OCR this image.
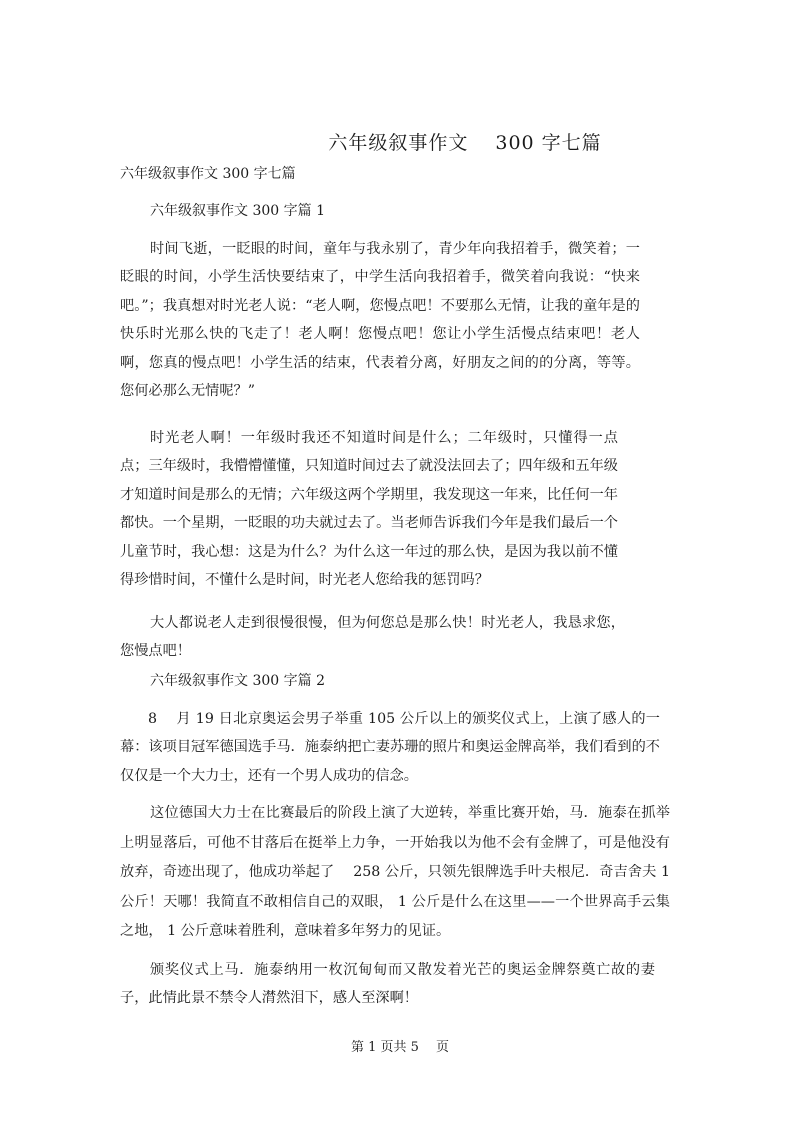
六年级叙事作文　 300 字七篇
六年级叙事作文 300 字七篇
六年级叙事作文 300 字篇 1

时间飞逝，一眨眼的时间，童年与我永别了，青少年向我招着手，微笑着；一眨眼的时间，小学生活快要结束了，中学生活向我招着手，微笑着向我说：“快来吧。”；我真想对时光老人说：“老人啊，您慢点吧！不要那么无情，让我的童年是的快乐时光那么快的飞走了！老人啊！您慢点吧！您让小学生活慢点结束吧！老人啊，您真的慢点吧！小学生活的结束，代表着分离，好朋友之间的的分离，等等。您何必那么无情呢？”

时光老人啊！一年级时我还不知道时间是什么；二年级时，只懂得一点点；三年级时，我懵懵懂懂，只知道时间过去了就没法回去了；四年级和五年级才知道时间是那么的无情；六年级这两个学期里，我发现这一年来，比任何一年都快。一个星期，一眨眼的功夫就过去了。当老师告诉我们今年是我们最后一个儿童节时，我心想：这是为什么？为什么这一年过的那么快，是因为我以前不懂得珍惜时间，不懂什么是时间，时光老人您给我的惩罚吗？

大人都说老人走到很慢很慢，但为何您总是那么快！时光老人，我恳求您，您慢点吧！

六年级叙事作文 300 字篇 2

8　 月 19 日北京奥运会男子举重 105 公斤以上的颁奖仪式上，上演了感人的一幕：该项目冠军德国选手马．施泰纳把亡妻苏珊的照片和奥运金牌高举，我们看到的不仅仅是一个大力士，还有一个男人成功的信念。

这位德国大力士在比赛最后的阶段上演了大逆转，举重比赛开始，马．施泰在抓举上明显落后，可他不甘落后在挺举上力争，一开始我以为他不会有金牌了，可是他没有放弃，奇迹出现了，他成功举起了　 258 公斤，只领先银牌选手叶夫根尼．奇吉舍夫 1 公斤！天哪！我简直不敢相信自己的双眼， 1 公斤是什么在这里——一个世界高手云集之地， 1 公斤意味着胜利，意味着多年努力的见证。

颁奖仪式上马．施泰纳用一枚沉甸甸而又散发着光芒的奥运金牌祭奠亡故的妻子，此情此景不禁令人潸然泪下，感人至深啊！

第 1 页共 5　 页
